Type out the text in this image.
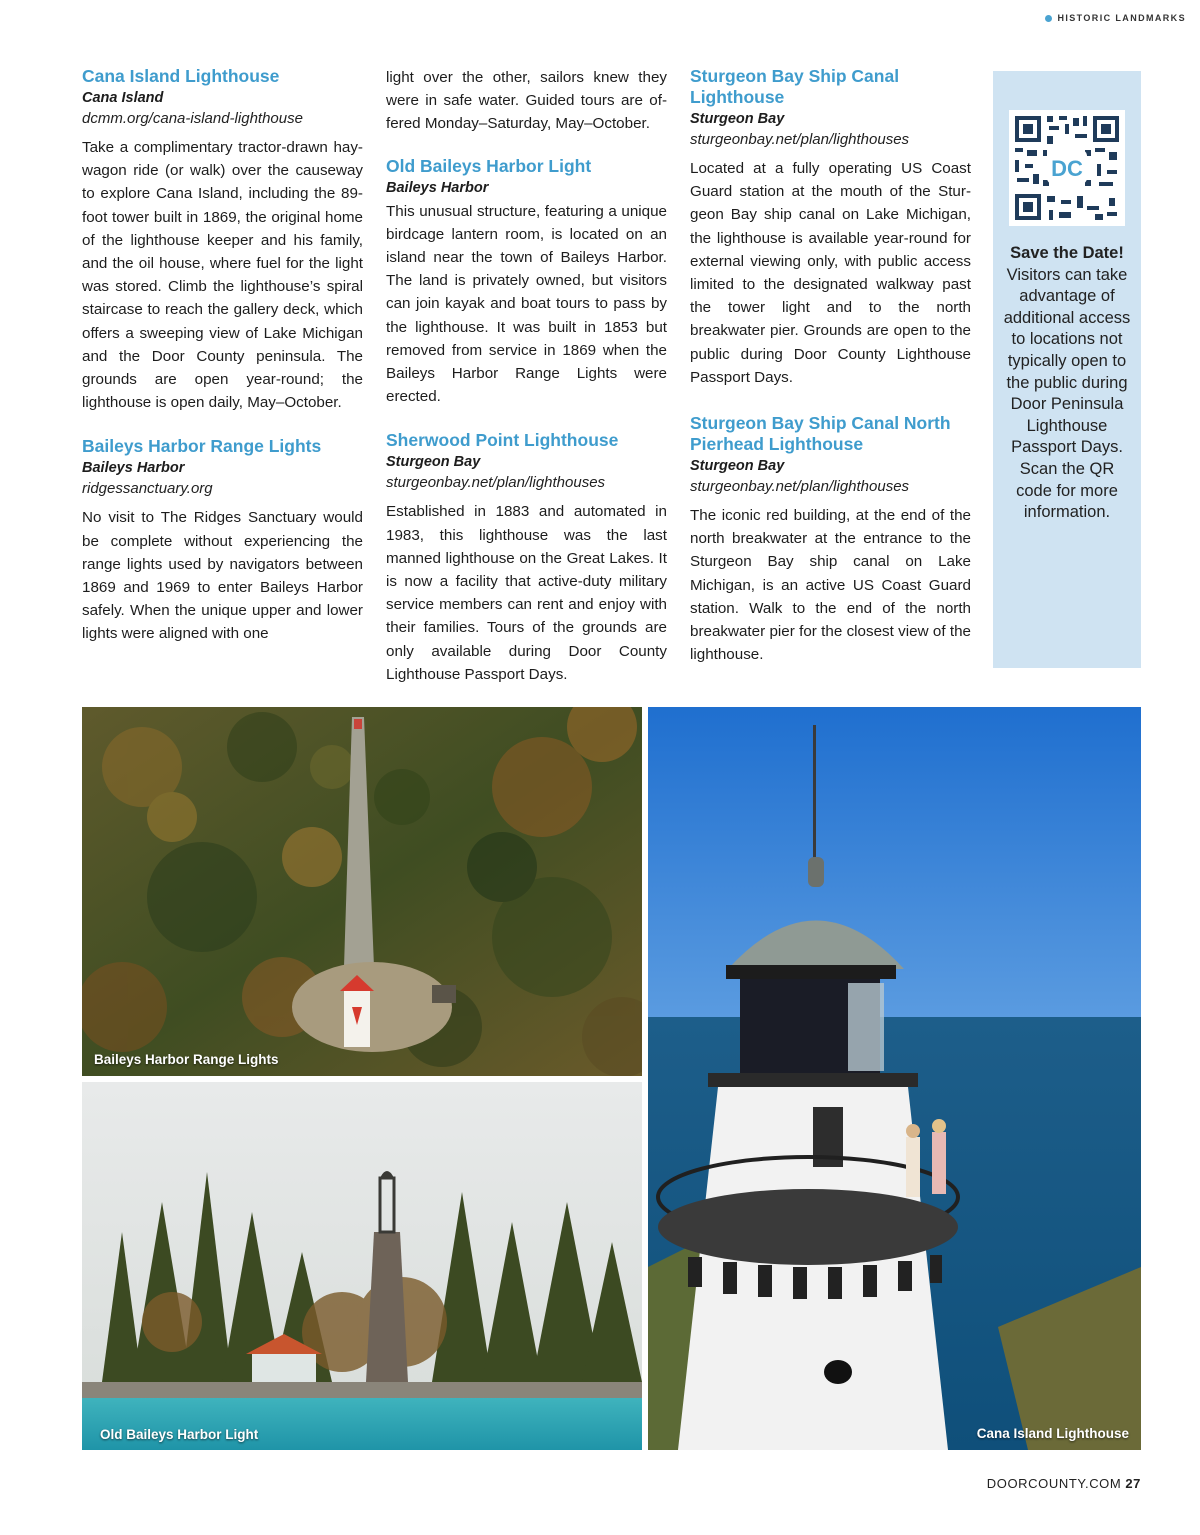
HISTORIC LANDMARKS
Cana Island Lighthouse
Cana Island
dcmm.org/cana-island-lighthouse
Take a complimentary tractor-drawn hay-wagon ride (or walk) over the causeway to explore Cana Island, including the 89-foot tower built in 1869, the original home of the lighthouse keeper and his family, and the oil house, where fuel for the light was stored. Climb the lighthouse’s spiral staircase to reach the gallery deck, which offers a sweeping view of Lake Michigan and the Door County peninsula. The grounds are open year-round; the lighthouse is open daily, May–October.
Baileys Harbor Range Lights
Baileys Harbor
ridgessanctuary.org
No visit to The Ridges Sanctuary would be complete without experiencing the range lights used by navigators between 1869 and 1969 to enter Baileys Harbor safely. When the unique upper and lower lights were aligned with one
light over the other, sailors knew they were in safe water. Guided tours are offered Monday–Saturday, May–October.
Old Baileys Harbor Light
Baileys Harbor
This unusual structure, featuring a unique birdcage lantern room, is located on an island near the town of Baileys Harbor. The land is privately owned, but visitors can join kayak and boat tours to pass by the lighthouse. It was built in 1853 but removed from service in 1869 when the Baileys Harbor Range Lights were erected.
Sherwood Point Lighthouse
Sturgeon Bay
sturgeonbay.net/plan/lighthouses
Established in 1883 and automated in 1983, this lighthouse was the last manned lighthouse on the Great Lakes. It is now a facility that active-duty military service members can rent and enjoy with their families. Tours of the grounds are only available during Door County Lighthouse Passport Days.
Sturgeon Bay Ship Canal Lighthouse
Sturgeon Bay
sturgeonbay.net/plan/lighthouses
Located at a fully operating US Coast Guard station at the mouth of the Sturgeon Bay ship canal on Lake Michigan, the lighthouse is available year-round for external viewing only, with public access limited to the designated walkway past the tower light and to the north breakwater pier. Grounds are open to the public during Door County Lighthouse Passport Days.
Sturgeon Bay Ship Canal North Pierhead Lighthouse
Sturgeon Bay
sturgeonbay.net/plan/lighthouses
The iconic red building, at the end of the north breakwater at the entrance to the Sturgeon Bay ship canal on Lake Michigan, is an active US Coast Guard station. Walk to the end of the north breakwater pier for the closest view of the lighthouse.
DC
Save the Date!
Visitors can take advantage of additional access to locations not typically open to the public during Door Peninsula Lighthouse Passport Days. Scan the QR code for more information.
Baileys Harbor Range Lights
Old Baileys Harbor Light	Cana Island Lighthouse
DOORCOUNTY.COM 27
